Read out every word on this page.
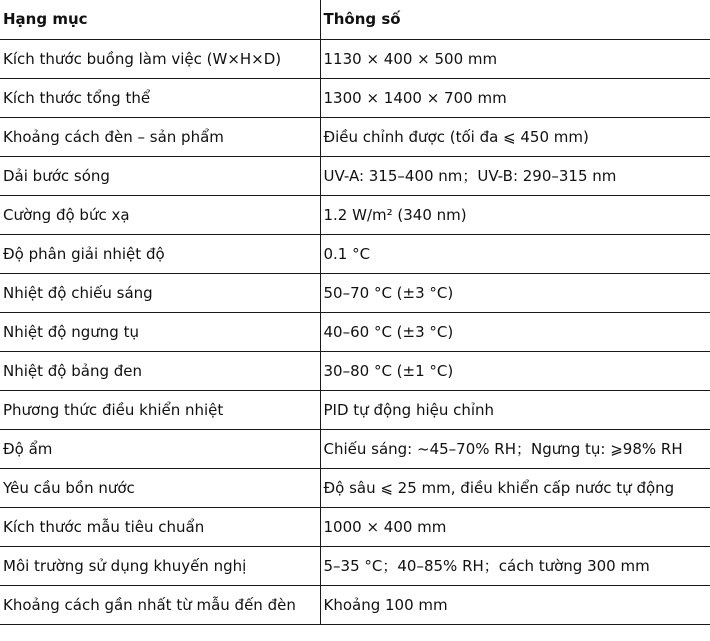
Hạng mục	Thông số
Kích thước buồng làm việc (W×H×D)	1130 × 400 × 500 mm
Kích thước tổng thể	1300 × 1400 × 700 mm
Khoảng cách đèn – sản phẩm	Điều chỉnh được (tối đa ⩽ 450 mm)
Dải bước sóng	UV-A: 315–400 nm；UV-B: 290–315 nm
Cường độ bức xạ	1.2 W/m² (340 nm)
Độ phân giải nhiệt độ	0.1 °C
Nhiệt độ chiếu sáng	50–70 °C (±3 °C)
Nhiệt độ ngưng tụ	40–60 °C (±3 °C)
Nhiệt độ bảng đen	30–80 °C (±1 °C)
Phương thức điều khiển nhiệt	PID tự động hiệu chỉnh
Độ ẩm	Chiếu sáng: ~45–70% RH；Ngưng tụ: ⩾98% RH
Yêu cầu bồn nước	Độ sâu ⩽ 25 mm, điều khiển cấp nước tự động
Kích thước mẫu tiêu chuẩn	1000 × 400 mm
Môi trường sử dụng khuyến nghị	5–35 °C；40–85% RH；cách tường 300 mm
Khoảng cách gần nhất từ mẫu đến đèn	Khoảng 100 mm
